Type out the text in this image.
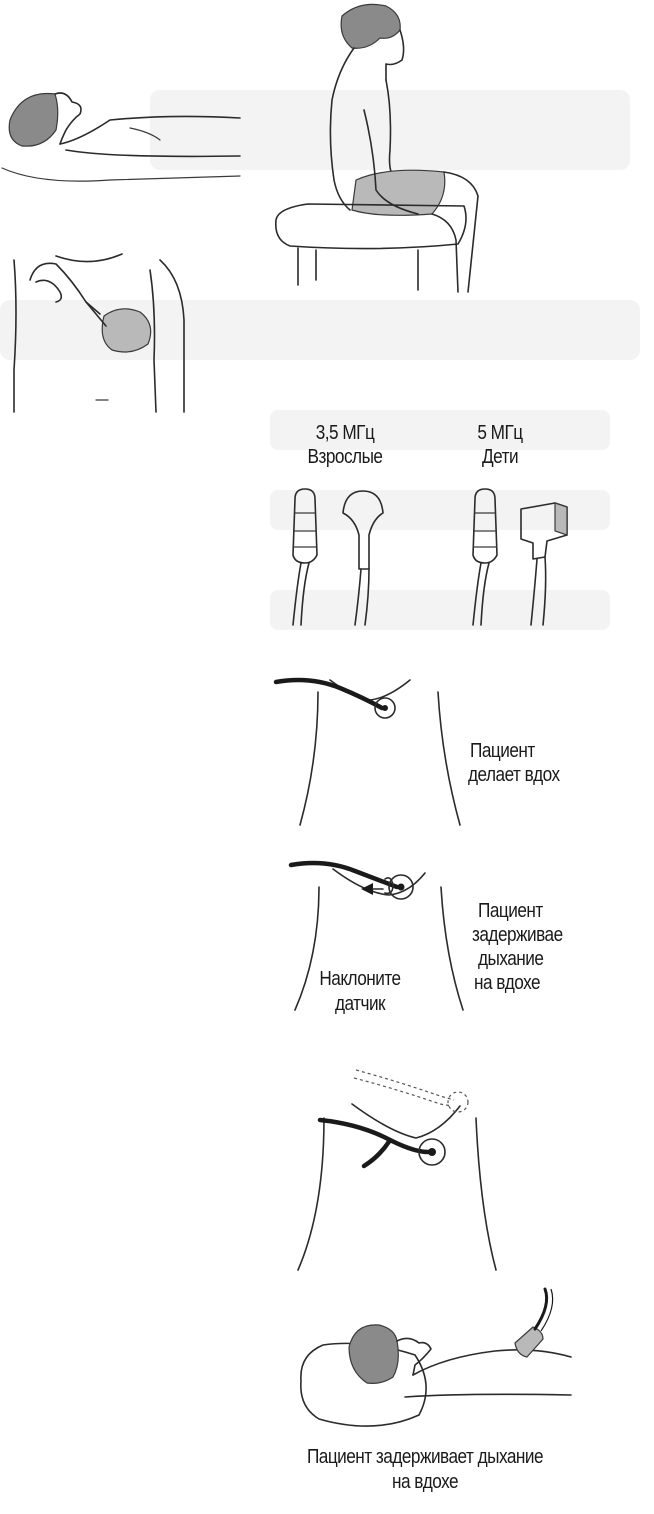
3,5 МГц
Взрослые
5 МГц
Дети
Пациент
делает вдох
Пациент
задерживае
дыхание
на вдохе
Наклоните
датчик
Пациент задерживает дыхание
на вдохе
